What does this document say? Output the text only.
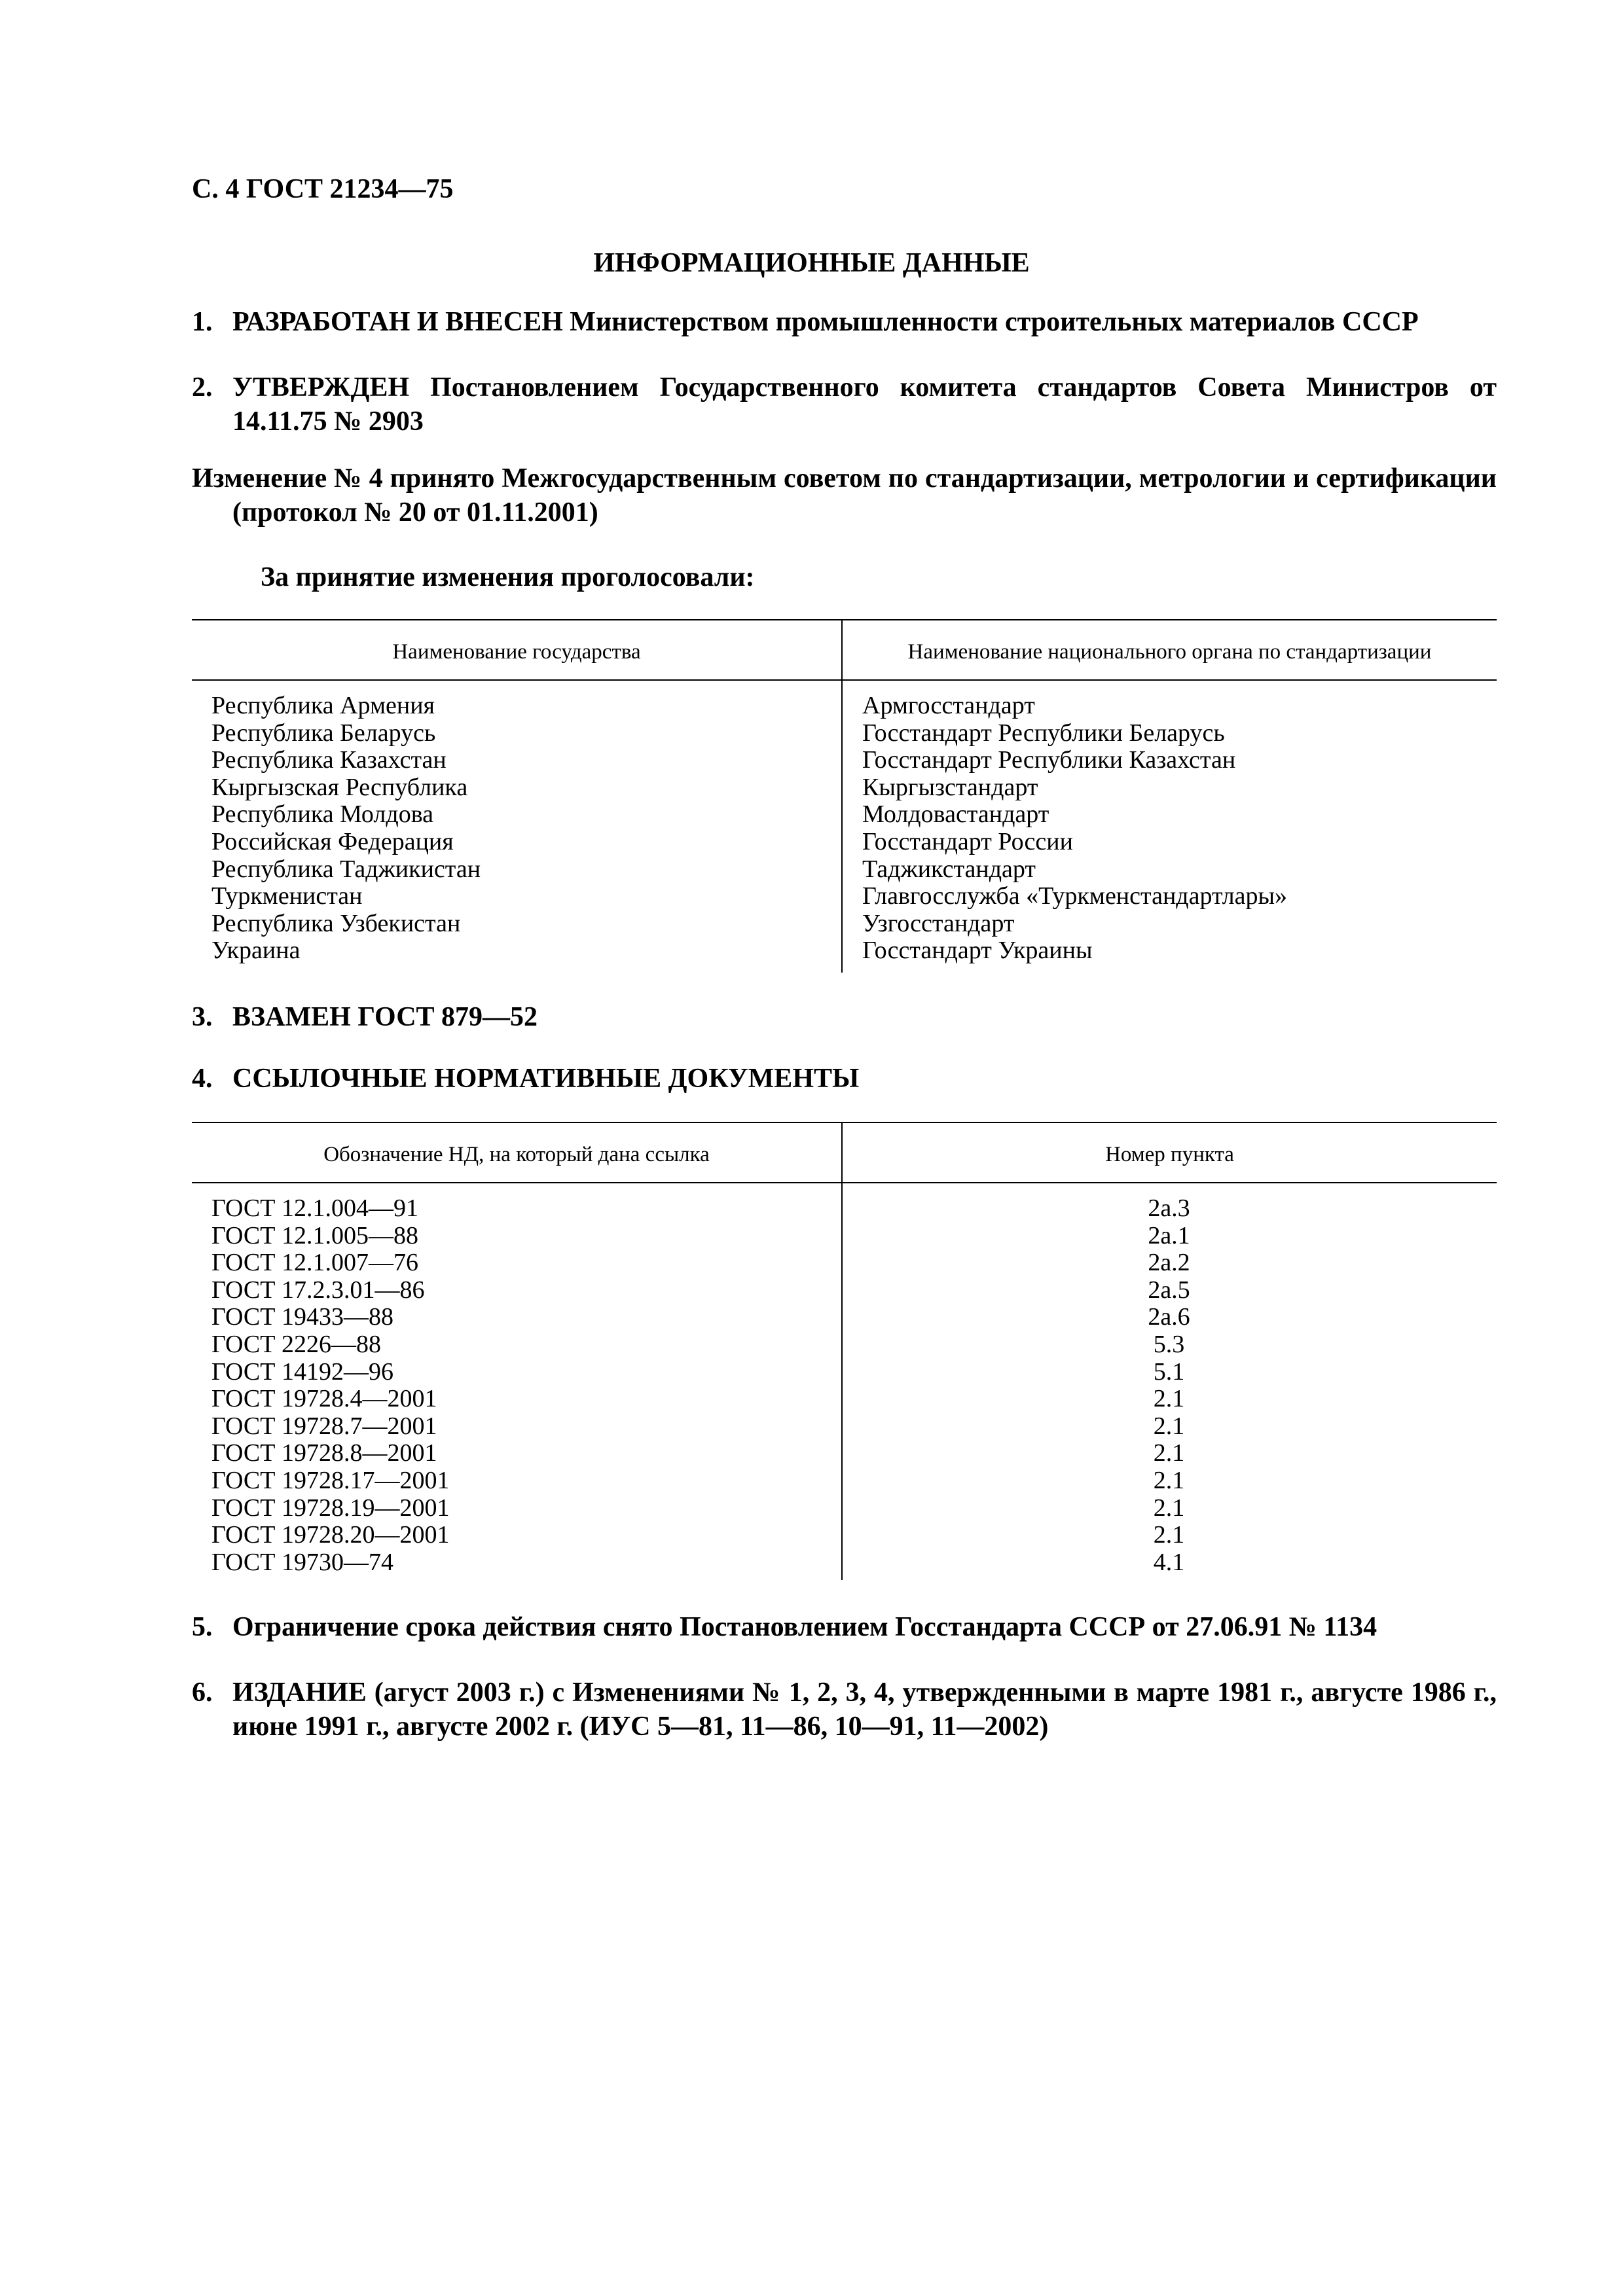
С. 4 ГОСТ 21234—75
ИНФОРМАЦИОННЫЕ ДАННЫЕ
1. РАЗРАБОТАН И ВНЕСЕН Министерством промышленности строительных материалов СССР
2. УТВЕРЖДЕН Постановлением Государственного комитета стандартов Совета Министров от 14.11.75 № 2903
Изменение № 4 принято Межгосударственным советом по стандартизации, метрологии и сертификации (протокол № 20 от 01.11.2001)
За принятие изменения проголосовали:
Наименование государства	Наименование национального органа по стандартизации
Республика Армения	Армгосстандарт
Республика Беларусь	Госстандарт Республики Беларусь
Республика Казахстан	Госстандарт Республики Казахстан
Кыргызская Республика	Кыргызстандарт
Республика Молдова	Молдовастандарт
Российская Федерация	Госстандарт России
Республика Таджикистан	Таджикстандарт
Туркменистан	Главгосслужба «Туркменстандартлары»
Республика Узбекистан	Узгосстандарт
Украина	Госстандарт Украины
3. ВЗАМЕН ГОСТ 879—52
4. ССЫЛОЧНЫЕ НОРМАТИВНЫЕ ДОКУМЕНТЫ
Обозначение НД, на который дана ссылка	Номер пункта
ГОСТ 12.1.004—91	2а.3
ГОСТ 12.1.005—88	2а.1
ГОСТ 12.1.007—76	2а.2
ГОСТ 17.2.3.01—86	2а.5
ГОСТ 19433—88	2а.6
ГОСТ 2226—88	5.3
ГОСТ 14192—96	5.1
ГОСТ 19728.4—2001	2.1
ГОСТ 19728.7—2001	2.1
ГОСТ 19728.8—2001	2.1
ГОСТ 19728.17—2001	2.1
ГОСТ 19728.19—2001	2.1
ГОСТ 19728.20—2001	2.1
ГОСТ 19730—74	4.1
5. Ограничение срока действия снято Постановлением Госстандарта СССР от 27.06.91 № 1134
6. ИЗДАНИЕ (агуст 2003 г.) с Изменениями № 1, 2, 3, 4, утвержденными в марте 1981 г., августе 1986 г., июне 1991 г., августе 2002 г. (ИУС 5—81, 11—86, 10—91, 11—2002)
